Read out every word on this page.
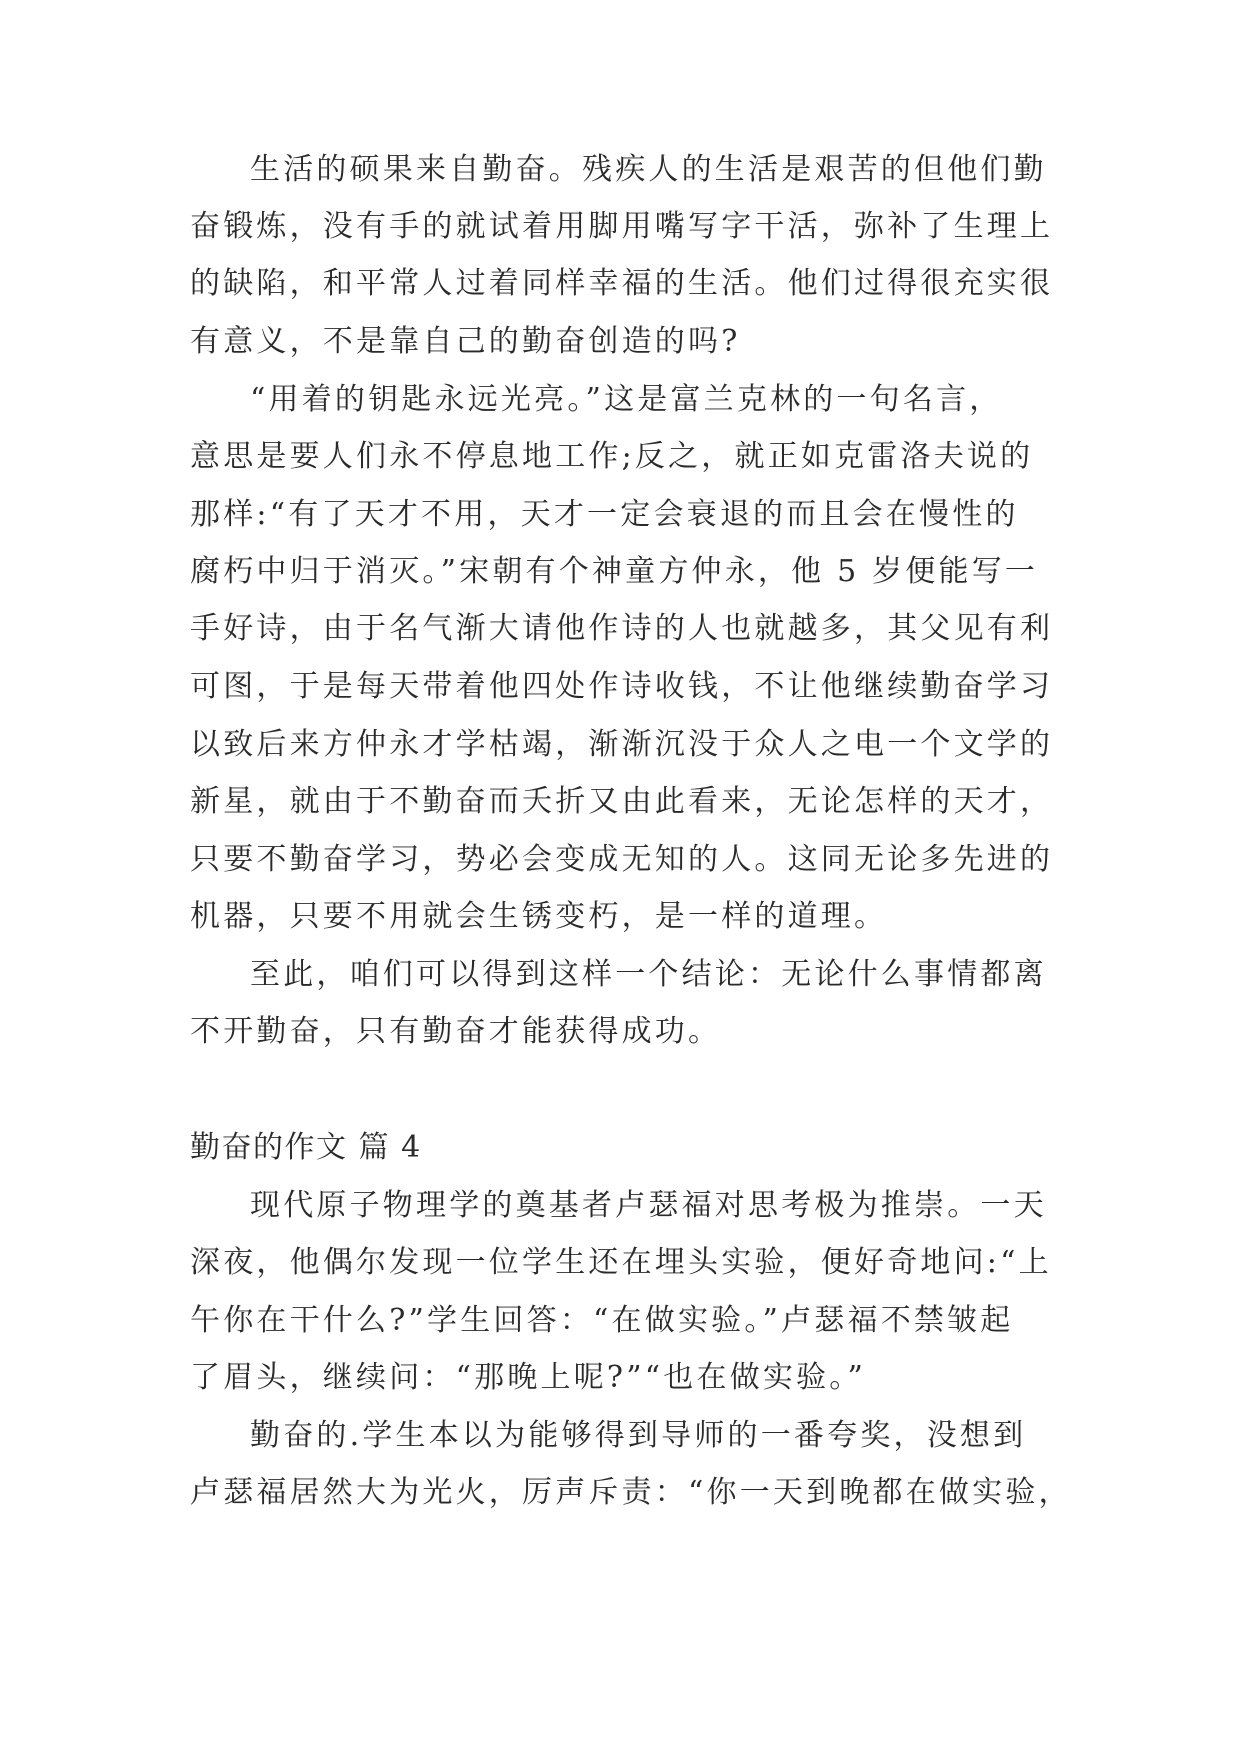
生活的硕果来自勤奋。残疾人的生活是艰苦的但他们勤
奋锻炼，没有手的就试着用脚用嘴写字干活，弥补了生理上
的缺陷，和平常人过着同样幸福的生活。他们过得很充实很
有意义，不是靠自己的勤奋创造的吗?
“用着的钥匙永远光亮。”这是富兰克林的一句名言，
意思是要人们永不停息地工作;反之，就正如克雷洛夫说的
那样:“有了天才不用，天才一定会衰退的而且会在慢性的
腐朽中归于消灭。”宋朝有个神童方仲永，他 5 岁便能写一
手好诗，由于名气渐大请他作诗的人也就越多，其父见有利
可图，于是每天带着他四处作诗收钱，不让他继续勤奋学习
以致后来方仲永才学枯竭，渐渐沉没于众人之电一个文学的
新星，就由于不勤奋而夭折又由此看来，无论怎样的天才，
只要不勤奋学习，势必会变成无知的人。这同无论多先进的
机器，只要不用就会生锈变朽，是一样的道理。
至此，咱们可以得到这样一个结论：无论什么事情都离
不开勤奋，只有勤奋才能获得成功。
勤奋的作文 篇 4
现代原子物理学的奠基者卢瑟福对思考极为推崇。一天
深夜，他偶尔发现一位学生还在埋头实验，便好奇地问:“上
午你在干什么?”学生回答：“在做实验。”卢瑟福不禁皱起
了眉头，继续问：“那晚上呢?”“也在做实验。”
勤奋的.学生本以为能够得到导师的一番夸奖，没想到
卢瑟福居然大为光火，厉声斥责：“你一天到晚都在做实验，
